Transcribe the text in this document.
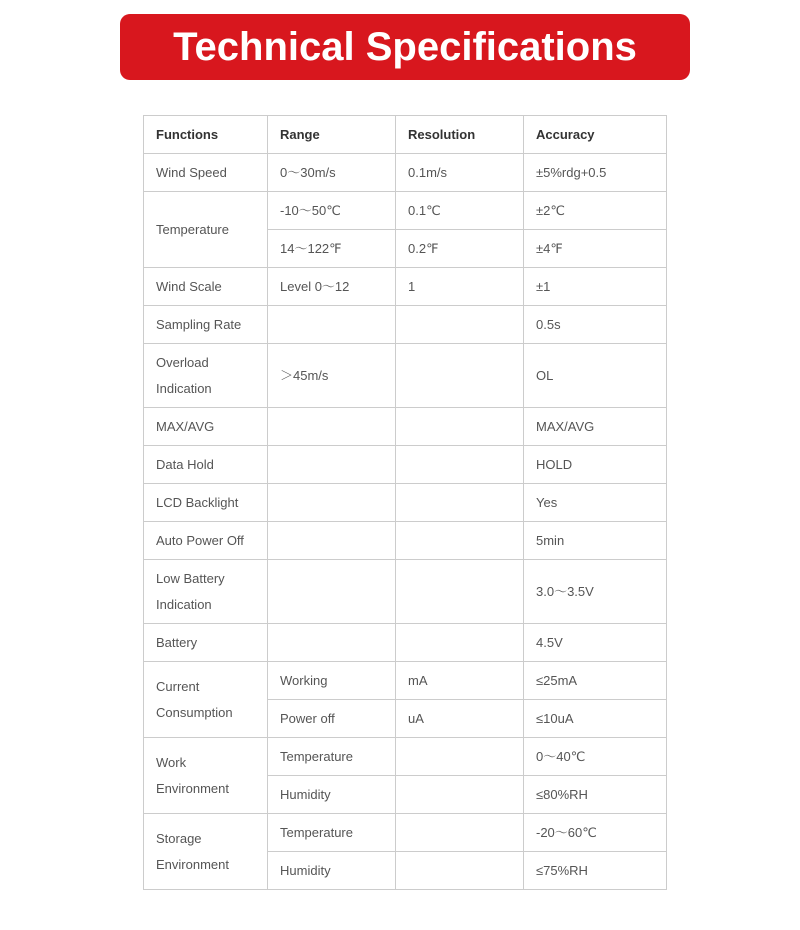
Technical Specifications
Functions	Range	Resolution	Accuracy
Wind Speed	0～30m/s	0.1m/s	±5%rdg+0.5
Temperature	-10～50℃	0.1℃	±2℃
	14～122℉	0.2℉	±4℉
Wind Scale	Level 0～12	1	±1
Sampling Rate			0.5s
Overload Indication	＞45m/s		OL
MAX/AVG			MAX/AVG
Data Hold			HOLD
LCD Backlight			Yes
Auto Power Off			5min
Low Battery Indication			3.0～3.5V
Battery			4.5V
Current Consumption	Working	mA	≤25mA
	Power off	uA	≤10uA
Work Environment	Temperature		0～40℃
	Humidity		≤80%RH
Storage Environment	Temperature		-20～60℃
	Humidity		≤75%RH
